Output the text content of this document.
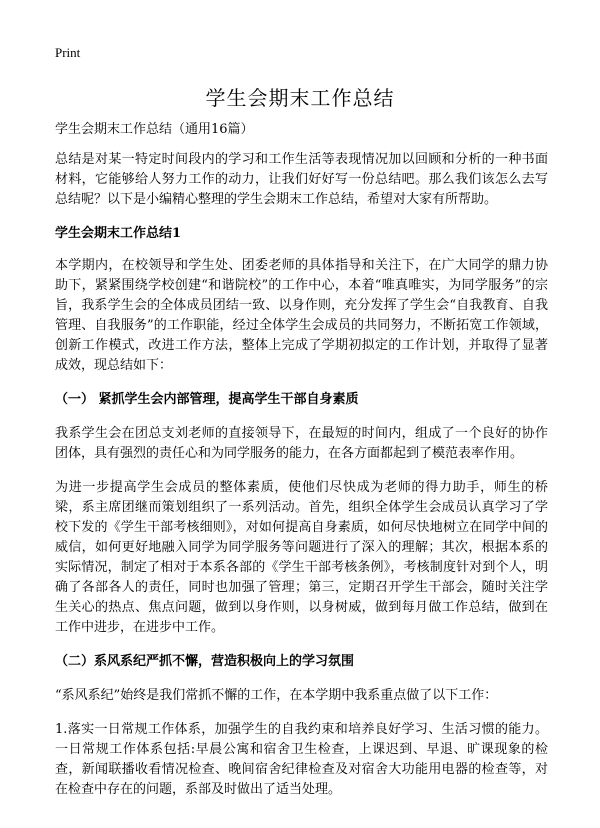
Print
学生会期末工作总结

学生会期末工作总结（通用16篇）

总结是对某一特定时间段内的学习和工作生活等表现情况加以回顾和分析的一种书面材料，它能够给人努力工作的动力，让我们好好写一份总结吧。那么我们该怎么去写总结呢？以下是小编精心整理的学生会期末工作总结，希望对大家有所帮助。

学生会期末工作总结1

本学期内，在校领导和学生处、团委老师的具体指导和关注下，在广大同学的鼎力协助下，紧紧围绕学校创建“和谐院校”的工作中心，本着“唯真唯实，为同学服务”的宗旨，我系学生会的全体成员团结一致、以身作则，充分发挥了学生会“自我教育、自我管理、自我服务”的工作职能，经过全体学生会成员的共同努力，不断拓宽工作领域，创新工作模式，改进工作方法，整体上完成了学期初拟定的工作计划，并取得了显著成效，现总结如下：

（一） 紧抓学生会内部管理，提高学生干部自身素质

我系学生会在团总支刘老师的直接领导下，在最短的时间内，组成了一个良好的协作团体，具有强烈的责任心和为同学服务的能力，在各方面都起到了模范表率作用。

为进一步提高学生会成员的整体素质，使他们尽快成为老师的得力助手，师生的桥梁，系主席团继而策划组织了一系列活动。首先，组织全体学生会成员认真学习了学校下发的《学生干部考核细则》，对如何提高自身素质，如何尽快地树立在同学中间的威信，如何更好地融入同学为同学服务等问题进行了深入的理解；其次，根据本系的实际情况，制定了相对于本系各部的《学生干部考核条例》，考核制度针对到个人，明确了各部各人的责任，同时也加强了管理；第三，定期召开学生干部会，随时关注学生关心的热点、焦点问题，做到以身作则，以身树威，做到每月做工作总结，做到在工作中进步，在进步中工作。

（二）系风系纪严抓不懈，营造积极向上的学习氛围

“系风系纪”始终是我们常抓不懈的工作，在本学期中我系重点做了以下工作：

1.落实一日常规工作体系，加强学生的自我约束和培养良好学习、生活习惯的能力。一日常规工作体系包括:早晨公寓和宿舍卫生检查，上课迟到、早退、旷课现象的检查，新闻联播收看情况检查、晚间宿舍纪律检查及对宿舍大功能用电器的检查等，对在检查中存在的问题，系部及时做出了适当处理。
